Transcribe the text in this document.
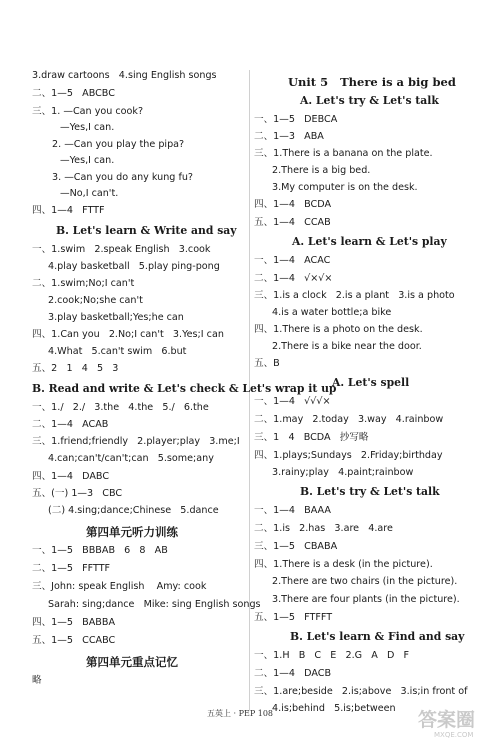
3.draw cartoons   4.sing English songs
二、1—5   ABCBC
三、1. —Can you cook?
—Yes,I can.
2. —Can you play the pipa?
—Yes,I can.
3. —Can you do any kung fu?
—No,I can't.
四、1—4   FTTF
B. Let's learn & Write and say
一、1.swim   2.speak English   3.cook
4.play basketball   5.play ping-pong
二、1.swim;No;I can't
2.cook;No;she can't
3.play basketball;Yes;he can
四、1.Can you   2.No;I can't   3.Yes;I can
4.What   5.can't swim   6.but
五、2   1   4   5   3
B. Read and write & Let's check & Let's wrap it up
一、1./   2./   3.the   4.the   5./   6.the
二、1—4   ACAB
三、1.friend;friendly   2.player;play   3.me;I
4.can;can't/can't;can   5.some;any
四、1—4   DABC
五、(一) 1—3   CBC
(二) 4.sing;dance;Chinese   5.dance
第四单元听力训练
一、1—5   BBBAB   6   8   AB
二、1—5   FFTTF
三、John: speak English    Amy: cook
Sarah: sing;dance   Mike: sing English songs
四、1—5   BABBA
五、1—5   CCABC
第四单元重点记忆
略
Unit 5   There is a big bed
A. Let's try & Let's talk
一、1—5   DEBCA
二、1—3   ABA
三、1.There is a banana on the plate.
2.There is a big bed.
3.My computer is on the desk.
四、1—4   BCDA
五、1—4   CCAB
A. Let's learn & Let's play
一、1—4   ACAC
二、1—4   √×√×
三、1.is a clock   2.is a plant   3.is a photo
4.is a water bottle;a bike
四、1.There is a photo on the desk.
2.There is a bike near the door.
五、B
A. Let's spell
一、1—4   √√√×
二、1.may   2.today   3.way   4.rainbow
三、1   4   BCDA   抄写略
四、1.plays;Sundays   2.Friday;birthday
3.rainy;play   4.paint;rainbow
B. Let's try & Let's talk
一、1—4   BAAA
二、1.is   2.has   3.are   4.are
三、1—5   CBABA
四、1.There is a desk (in the picture).
2.There are two chairs (in the picture).
3.There are four plants (in the picture).
五、1—5   FTFFT
B. Let's learn & Find and say
一、1.H   B   C   E   2.G   A   D   F
二、1—4   DACB
三、1.are;beside   2.is;above   3.is;in front of
4.is;behind   5.is;between
五英上 · PEP 108	答案圈
MXQE.COM
